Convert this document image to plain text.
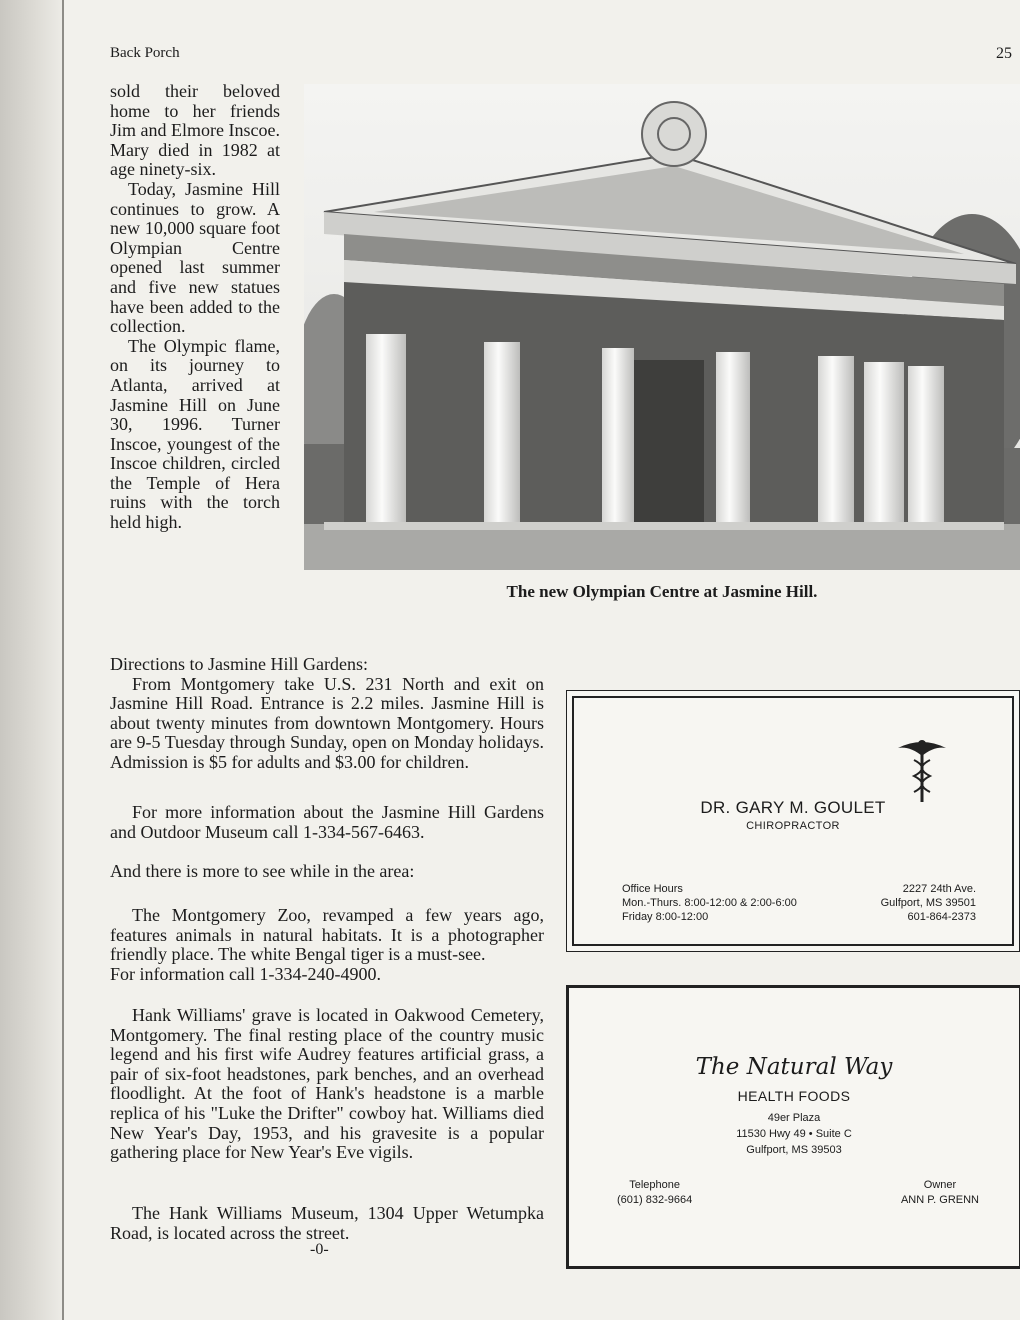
Back Porch	25

sold their beloved home to her friends Jim and Elmore Inscoe. Mary died in 1982 at age ninety-six.

Today, Jasmine Hill continues to grow. A new 10,000 square foot Olympian Centre opened last summer and five new statues have been added to the collection.

The Olympic flame, on its journey to Atlanta, arrived at Jasmine Hill on June 30, 1996. Turner Inscoe, youngest of the Inscoe children, circled the Temple of Hera ruins with the torch held high.

The new Olympian Centre at Jasmine Hill.

Directions to Jasmine Hill Gardens:

From Montgomery take U.S. 231 North and exit on Jasmine Hill Road. Entrance is 2.2 miles. Jasmine Hill is about twenty minutes from downtown Montgomery. Hours are 9-5 Tuesday through Sunday, open on Monday holidays. Admission is $5 for adults and $3.00 for children.

For more information about the Jasmine Hill Gardens and Outdoor Museum call 1-334-567-6463.

And there is more to see while in the area:

The Montgomery Zoo, revamped a few years ago, features animals in natural habitats. It is a photographer friendly place. The white Bengal tiger is a must-see.

For information call 1-334-240-4900.

Hank Williams' grave is located in Oakwood Cemetery, Montgomery. The final resting place of the country music legend and his first wife Audrey features artificial grass, a pair of six-foot headstones, park benches, and an overhead floodlight. At the foot of Hank's headstone is a marble replica of his "Luke the Drifter" cowboy hat. Williams died New Year's Day, 1953, and his gravesite is a popular gathering place for New Year's Eve vigils.

The Hank Williams Museum, 1304 Upper Wetumpka Road, is located across the street.

-0-
DR. GARY M. GOULET
CHIROPRACTOR
Office Hours
Mon.-Thurs. 8:00-12:00 & 2:00-6:00
Friday 8:00-12:00
2227 24th Ave.
Gulfport, MS 39501
601-864-2373
The Natural Way
HEALTH FOODS
49er Plaza
11530 Hwy 49 • Suite C
Gulfport, MS 39503
Telephone
(601) 832-9664
Owner
ANN P. GRENN
